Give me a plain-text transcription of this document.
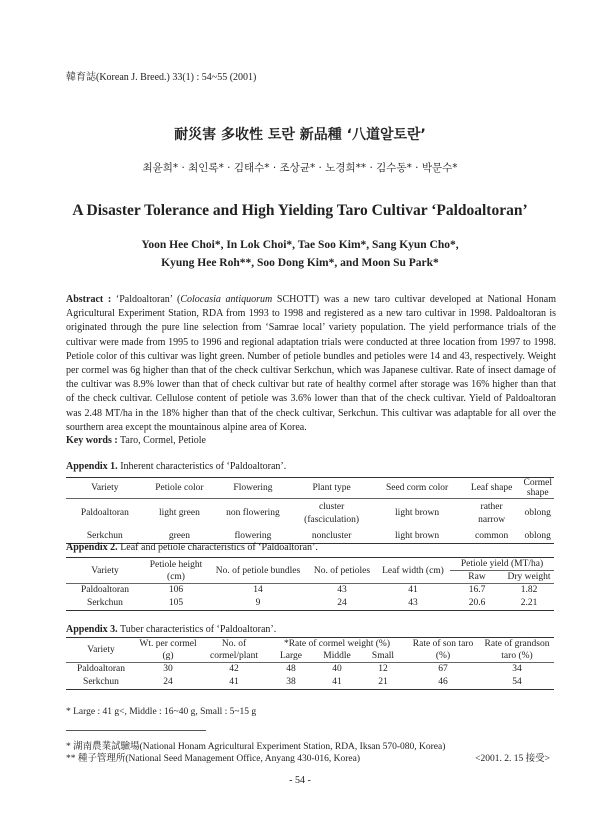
韓育誌(Korean J. Breed.) 33(1) : 54~55 (2001)
耐災害 多收性 토란 新品種 ‘八道알토란’
최윤희* · 최인록* · 김태수* · 조상균* · 노경희** · 김수동* · 박문수*
A Disaster Tolerance and High Yielding Taro Cultivar ‘Paldoaltoran’
Yoon Hee Choi*, In Lok Choi*, Tae Soo Kim*, Sang Kyun Cho*,
Kyung Hee Roh**, Soo Dong Kim*, and Moon Su Park*
Abstract : ‘Paldoaltoran’ (Colocasia antiquorum SCHOTT) was a new taro cultivar developed at National Honam Agricultural Experiment Station, RDA from 1993 to 1998 and registered as a new taro cultivar in 1998. Paldoaltoran is originated through the pure line selection from ‘Samrae local’ variety population. The yield performance trials of the cultivar were made from 1995 to 1996 and regional adaptation trials were conducted at three location from 1997 to 1998. Petiole color of this cultivar was light green. Number of petiole bundles and petioles were 14 and 43, respectively. Weight per cormel was 6g higher than that of the check cultivar Serkchun, which was Japanese cultivar. Rate of insect damage of the cultivar was 8.9% lower than that of check cultivar but rate of healthy cormel after storage was 16% higher than that of the check cultivar. Cellulose content of petiole was 3.6% lower than that of the check cultivar. Yield of Paldoaltoran was 2.48 MT/ha in the 18% higher than that of the check cultivar, Serkchun. This cultivar was adaptable for all over the sourthern area except the mountainous alpine area of Korea.
Key words : Taro, Cormel, Petiole
Appendix 1. Inherent characteristics of ‘Paldoaltoran’.
Variety	Petiole color	Flowering	Plant type	Seed corm color	Leaf shape	Cormel shape
Paldoaltoran	light green	non flowering	cluster (fasciculation)	light brown	rather narrow	oblong
Serkchun	green	flowering	noncluster	light brown	common	oblong
Appendix 2. Leaf and petiole characteristics of ‘Paldoaltoran’.
Variety	Petiole height (cm)	No. of petiole bundles	No. of petioles	Leaf width (cm)	Petiole yield (MT/ha)	
					Raw	Dry weight
Paldoaltoran	106	14	43	41	16.7	1.82
Serkchun	105	9	24	43	20.6	2.21
Appendix 3. Tuber characteristics of ‘Paldoaltoran’.
Variety	Wt. per cormel (g)	No. of cormel/plant	*Rate of cormel weight (%)			Rate of son taro (%)	Rate of grandson taro (%)
			Large	Middle	Small		
Paldoaltoran	30	42	48	40	12	67	34
Serkchun	24	41	38	41	21	46	54
* Large : 41 g<, Middle : 16~40 g, Small : 5~15 g
* 湖南農業試驗場(National Honam Agricultural Experiment Station, RDA, Iksan 570-080, Korea)
** 種子管理所(National Seed Management Office, Anyang 430-016, Korea)	<2001. 2. 15 接受>
- 54 -
